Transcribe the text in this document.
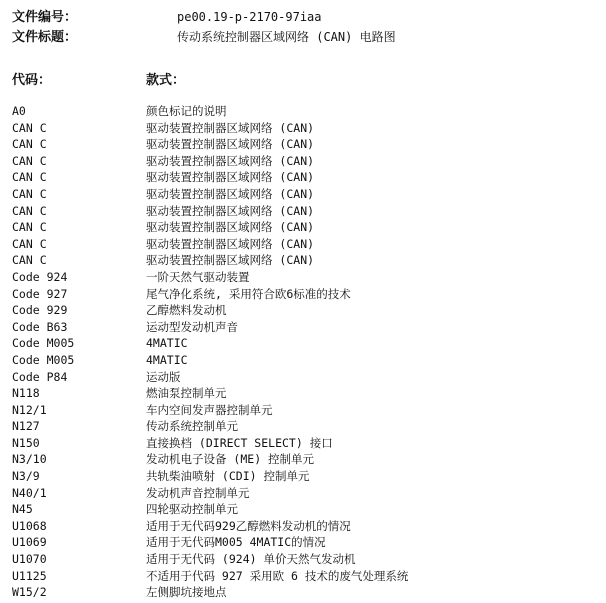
文件编号：	pe00.19-p-2170-97iaa
文件标题：	传动系统控制器区域网络 (CAN) 电路图
代码：	款式：
A0	颜色标记的说明
CAN C	驱动装置控制器区域网络 (CAN)
CAN C	驱动装置控制器区域网络 (CAN)
CAN C	驱动装置控制器区域网络 (CAN)
CAN C	驱动装置控制器区域网络 (CAN)
CAN C	驱动装置控制器区域网络 (CAN)
CAN C	驱动装置控制器区域网络 (CAN)
CAN C	驱动装置控制器区域网络 (CAN)
CAN C	驱动装置控制器区域网络 (CAN)
CAN C	驱动装置控制器区域网络 (CAN)
Code 924	一阶天然气驱动装置
Code 927	尾气净化系统, 采用符合欧6标准的技术
Code 929	乙醇燃料发动机
Code B63	运动型发动机声音
Code M005	4MATIC
Code M005	4MATIC
Code P84	运动版
N118	燃油泵控制单元
N12/1	车内空间发声器控制单元
N127	传动系统控制单元
N150	直接换档 (DIRECT SELECT) 接口
N3/10	发动机电子设备 (ME) 控制单元
N3/9	共轨柴油喷射 (CDI) 控制单元
N40/1	发动机声音控制单元
N45	四轮驱动控制单元
U1068	适用于无代码929乙醇燃料发动机的情况
U1069	适用于无代码M005 4MATIC的情况
U1070	适用于无代码 (924) 单价天然气发动机
U1125	不适用于代码 927 采用欧 6 技术的废气处理系统
W15/2	左侧脚坑接地点
